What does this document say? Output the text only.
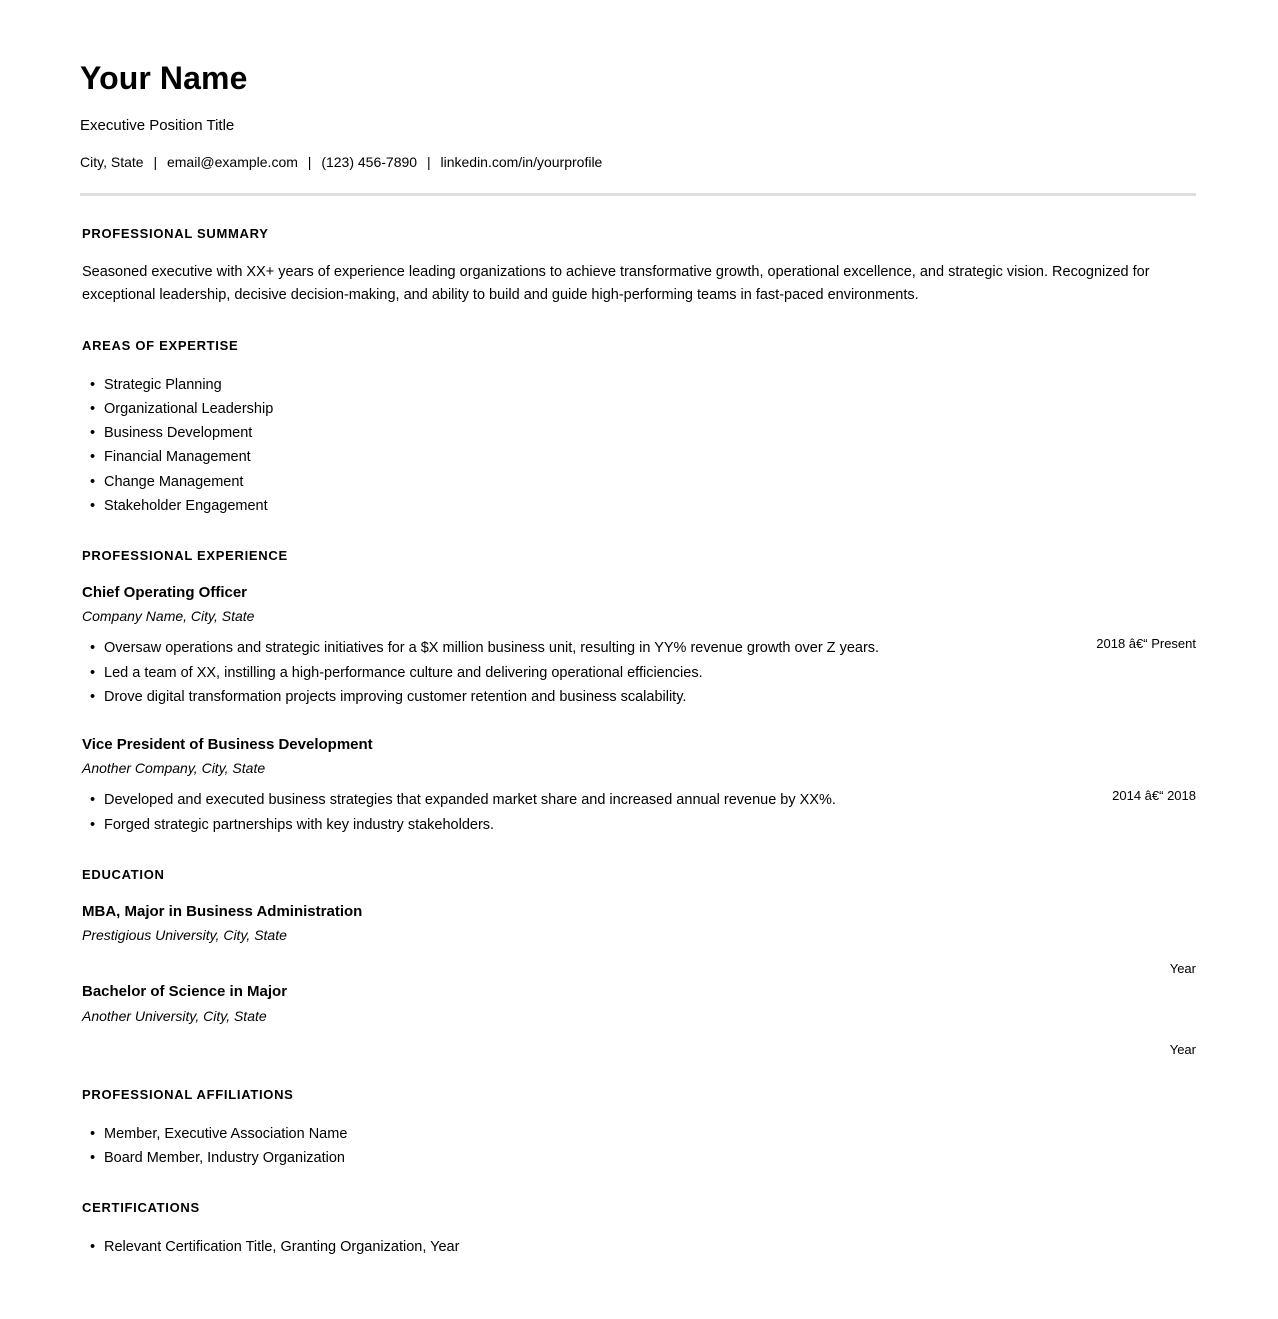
Your Name
Executive Position Title
City, State | email@example.com | (123) 456-7890 | linkedin.com/in/yourprofile
PROFESSIONAL SUMMARY

Seasoned executive with XX+ years of experience leading organizations to achieve transformative growth, operational excellence, and strategic vision. Recognized for exceptional leadership, decisive decision-making, and ability to build and guide high-performing teams in fast-paced environments.

AREAS OF EXPERTISE
• Strategic Planning
• Organizational Leadership
• Business Development
• Financial Management
• Change Management
• Stakeholder Engagement
PROFESSIONAL EXPERIENCE
Chief Operating Officer
Company Name, City, State
2018 â€“ Present
• Oversaw operations and strategic initiatives for a $X million business unit, resulting in YY% revenue growth over Z years.
• Led a team of XX, instilling a high-performance culture and delivering operational efficiencies.
• Drove digital transformation projects improving customer retention and business scalability.
Vice President of Business Development
Another Company, City, State
2014 â€“ 2018
• Developed and executed business strategies that expanded market share and increased annual revenue by XX%.
• Forged strategic partnerships with key industry stakeholders.
EDUCATION
MBA, Major in Business Administration
Prestigious University, City, State
Year
Bachelor of Science in Major
Another University, City, State
Year
PROFESSIONAL AFFILIATIONS
• Member, Executive Association Name
• Board Member, Industry Organization
CERTIFICATIONS
• Relevant Certification Title, Granting Organization, Year
